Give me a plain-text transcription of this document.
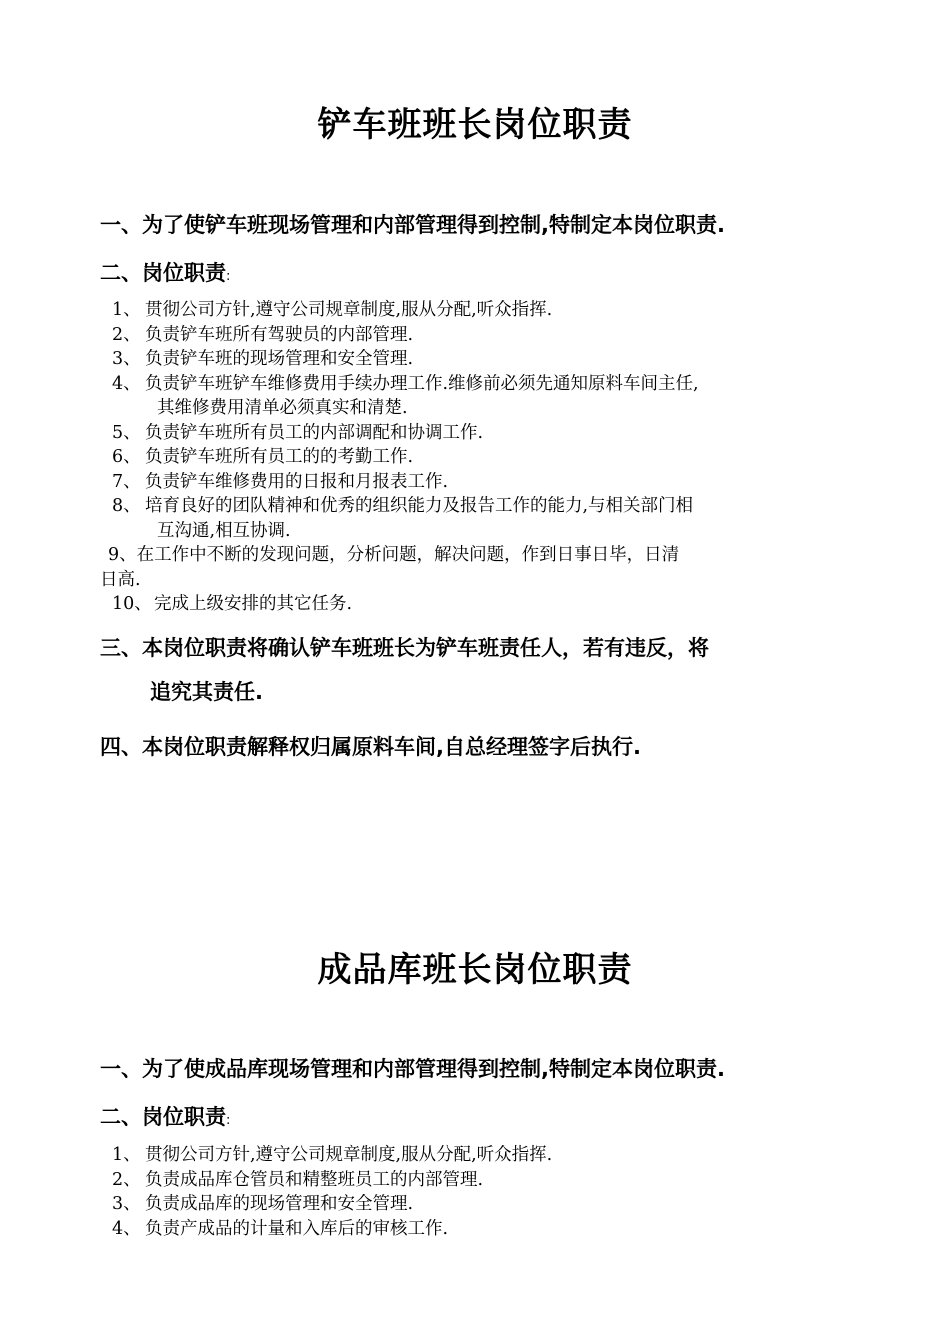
铲车班班长岗位职责

一、为了使铲车班现场管理和内部管理得到控制,特制定本岗位职责.

二、岗位职责:

1、 贯彻公司方针,遵守公司规章制度,服从分配,听众指挥.
2、 负责铲车班所有驾驶员的内部管理.
3、 负责铲车班的现场管理和安全管理.
4、 负责铲车班铲车维修费用手续办理工作.维修前必须先通知原料车间主任,
其维修费用清单必须真实和清楚.
5、 负责铲车班所有员工的内部调配和协调工作.
6、 负责铲车班所有员工的的考勤工作.
7、 负责铲车维修费用的日报和月报表工作.
8、 培育良好的团队精神和优秀的组织能力及报告工作的能力,与相关部门相
互沟通,相互协调.
9、在工作中不断的发现问题，分析问题，解决问题，作到日事日毕，日清
日高.
10、 完成上级安排的其它任务.

三、本岗位职责将确认铲车班班长为铲车班责任人，若有违反，将
追究其责任.

四、本岗位职责解释权归属原料车间,自总经理签字后执行.

成品库班长岗位职责

一、为了使成品库现场管理和内部管理得到控制,特制定本岗位职责.

二、岗位职责:

1、 贯彻公司方针,遵守公司规章制度,服从分配,听众指挥.
2、 负责成品库仓管员和精整班员工的内部管理.
3、 负责成品库的现场管理和安全管理.
4、 负责产成品的计量和入库后的审核工作.
